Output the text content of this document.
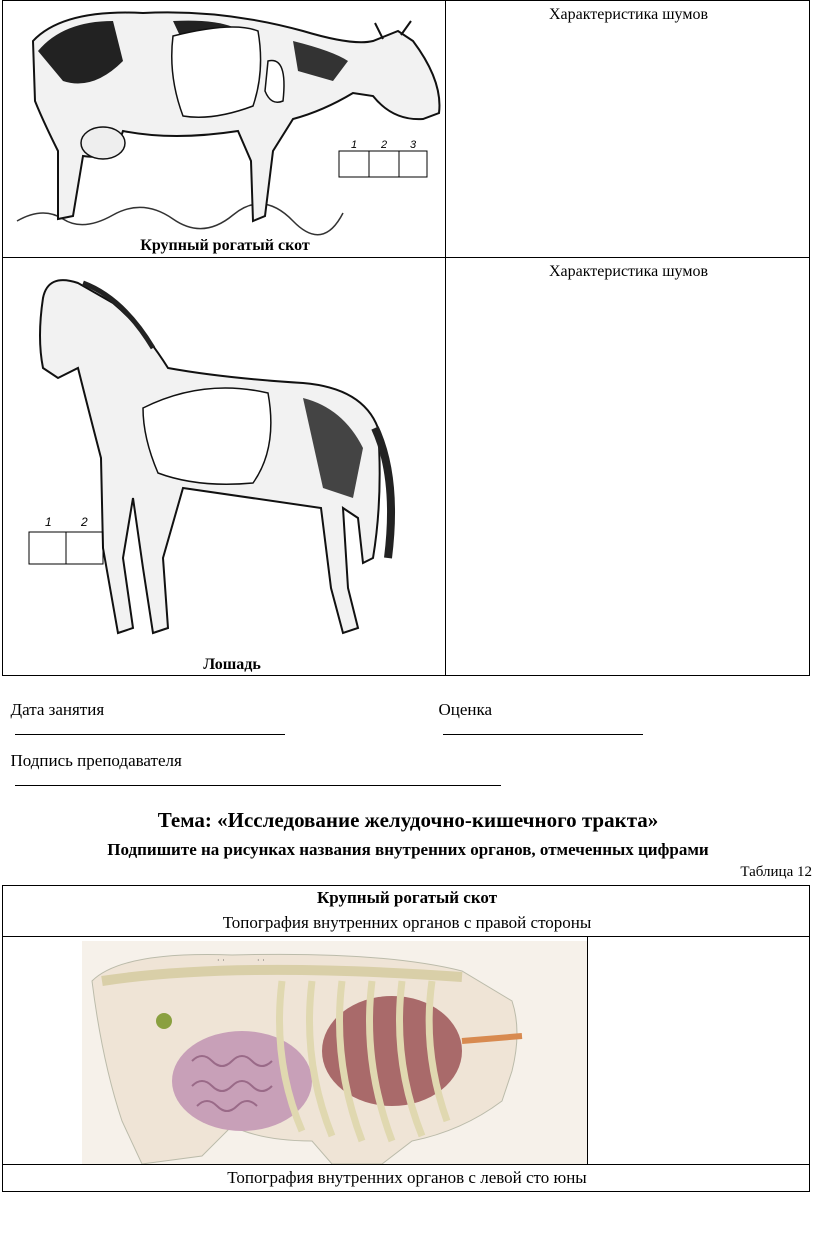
1 2 3
Крупный рогатый скот
Характеристика шумов
1 2
Лошадь
Характеристика шумов

Дата занятия
	Оценка

Подпись преподавателя

Тема: «Исследование желудочно-кишечного тракта»
Подпишите на рисунках названия внутренних органов, отмеченных цифрами
Таблица 12
Крупный рогатый скот
Топография внутренних органов с правой стороны
Топография внутренних органов с левой сто юны
· ·	· ·
